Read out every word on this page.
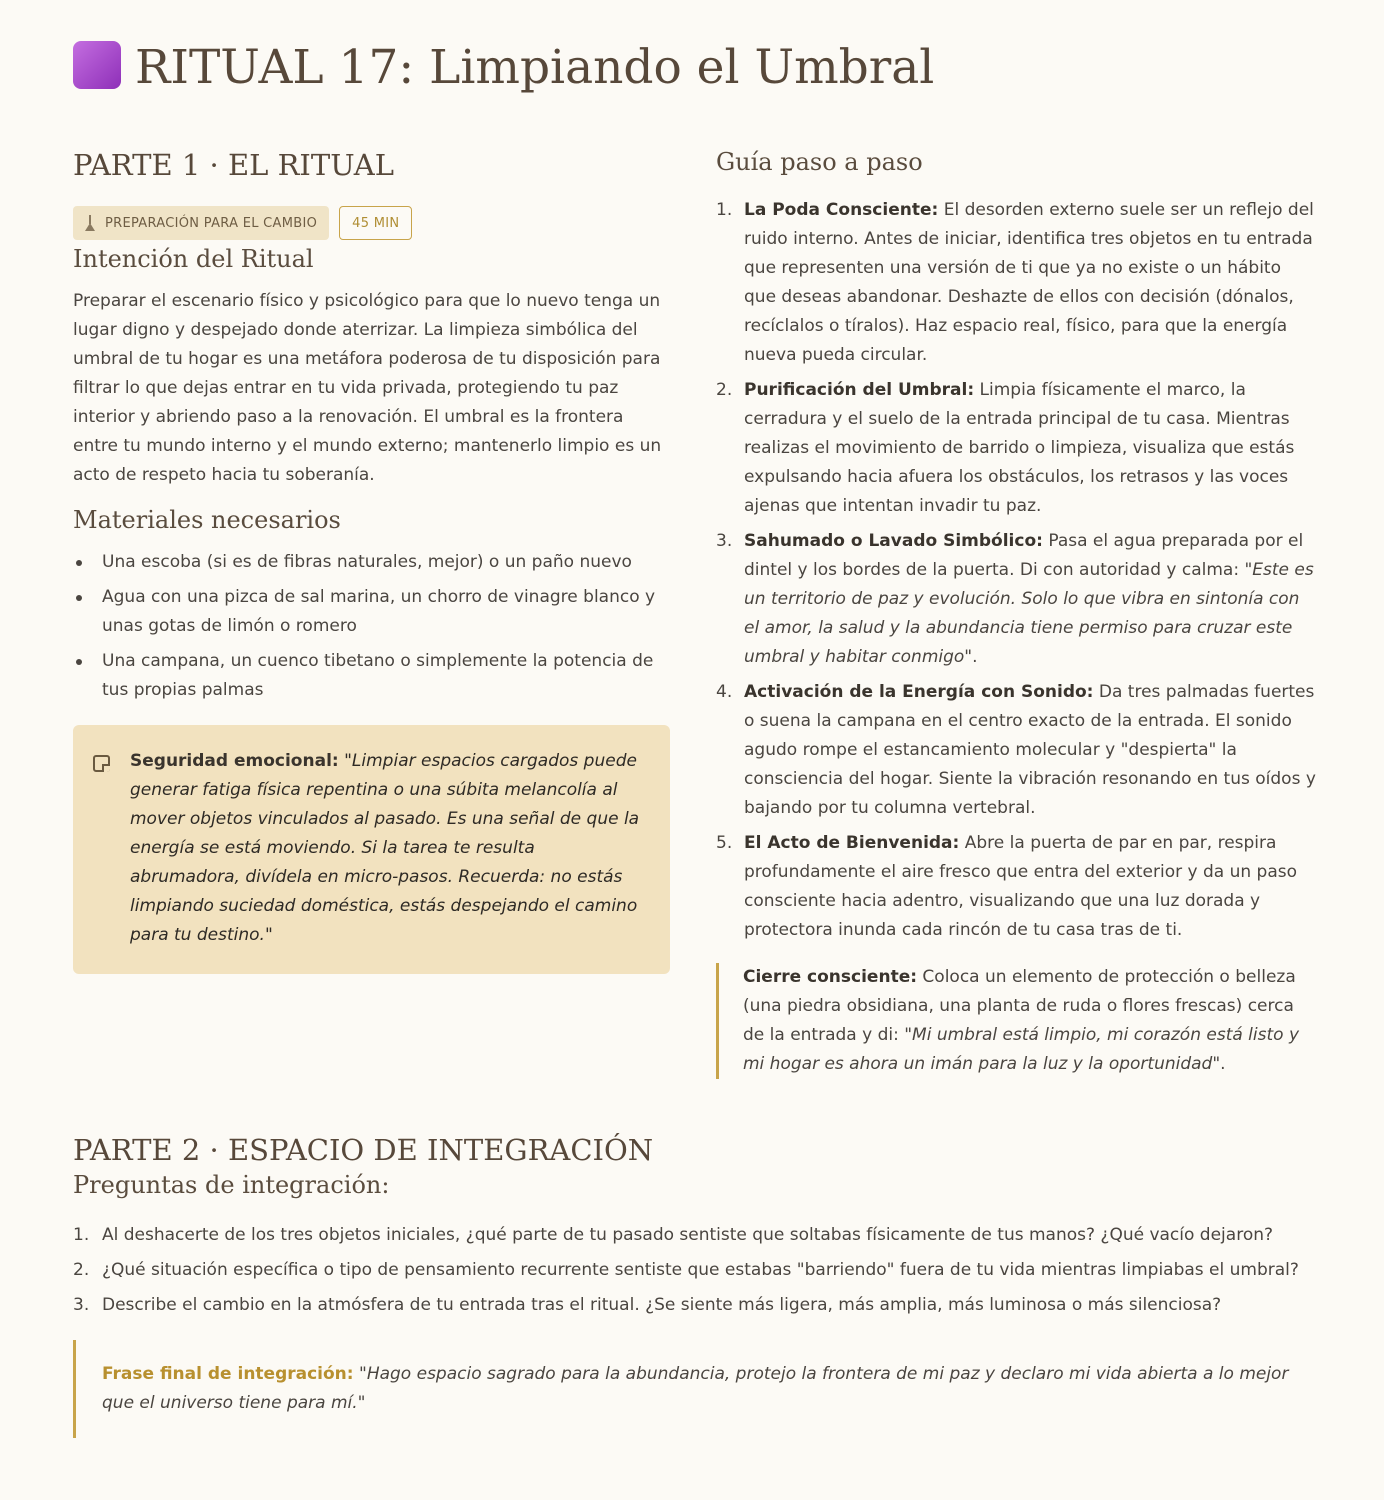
RITUAL 17: Limpiando el Umbral
PARTE 1 · EL RITUAL
PREPARACIÓN PARA EL CAMBIO	45 MIN
Intención del Ritual

Preparar el escenario físico y psicológico para que lo nuevo tenga un lugar digno y despejado donde aterrizar. La limpieza simbólica del umbral de tu hogar es una metáfora poderosa de tu disposición para filtrar lo que dejas entrar en tu vida privada, protegiendo tu paz interior y abriendo paso a la renovación. El umbral es la frontera entre tu mundo interno y el mundo externo; mantenerlo limpio es un acto de respeto hacia tu soberanía.

Materiales necesarios
Una escoba (si es de fibras naturales, mejor) o un paño nuevo
Agua con una pizca de sal marina, un chorro de vinagre blanco y unas gotas de limón o romero
Una campana, un cuenco tibetano o simplemente la potencia de tus propias palmas

Seguridad emocional: "Limpiar espacios cargados puede generar fatiga física repentina o una súbita melancolía al mover objetos vinculados al pasado. Es una señal de que la energía se está moviendo. Si la tarea te resulta abrumadora, divídela en micro-pasos. Recuerda: no estás limpiando suciedad doméstica, estás despejando el camino para tu destino."

Guía paso a paso
1. La Poda Consciente: El desorden externo suele ser un reflejo del ruido interno. Antes de iniciar, identifica tres objetos en tu entrada que representen una versión de ti que ya no existe o un hábito que deseas abandonar. Deshazte de ellos con decisión (dónalos, recíclalos o tíralos). Haz espacio real, físico, para que la energía nueva pueda circular.
2. Purificación del Umbral: Limpia físicamente el marco, la cerradura y el suelo de la entrada principal de tu casa. Mientras realizas el movimiento de barrido o limpieza, visualiza que estás expulsando hacia afuera los obstáculos, los retrasos y las voces ajenas que intentan invadir tu paz.
3. Sahumado o Lavado Simbólico: Pasa el agua preparada por el dintel y los bordes de la puerta. Di con autoridad y calma: "Este es un territorio de paz y evolución. Solo lo que vibra en sintonía con el amor, la salud y la abundancia tiene permiso para cruzar este umbral y habitar conmigo".
4. Activación de la Energía con Sonido: Da tres palmadas fuertes o suena la campana en el centro exacto de la entrada. El sonido agudo rompe el estancamiento molecular y "despierta" la consciencia del hogar. Siente la vibración resonando en tus oídos y bajando por tu columna vertebral.
5. El Acto de Bienvenida: Abre la puerta de par en par, respira profundamente el aire fresco que entra del exterior y da un paso consciente hacia adentro, visualizando que una luz dorada y protectora inunda cada rincón de tu casa tras de ti.

Cierre consciente: Coloca un elemento de protección o belleza (una piedra obsidiana, una planta de ruda o flores frescas) cerca de la entrada y di: "Mi umbral está limpio, mi corazón está listo y mi hogar es ahora un imán para la luz y la oportunidad".

PARTE 2 · ESPACIO DE INTEGRACIÓN
Preguntas de integración:
1. Al deshacerte de los tres objetos iniciales, ¿qué parte de tu pasado sentiste que soltabas físicamente de tus manos? ¿Qué vacío dejaron?
2. ¿Qué situación específica o tipo de pensamiento recurrente sentiste que estabas "barriendo" fuera de tu vida mientras limpiabas el umbral?
3. Describe el cambio en la atmósfera de tu entrada tras el ritual. ¿Se siente más ligera, más amplia, más luminosa o más silenciosa?

Frase final de integración: "Hago espacio sagrado para la abundancia, protejo la frontera de mi paz y declaro mi vida abierta a lo mejor que el universo tiene para mí."
